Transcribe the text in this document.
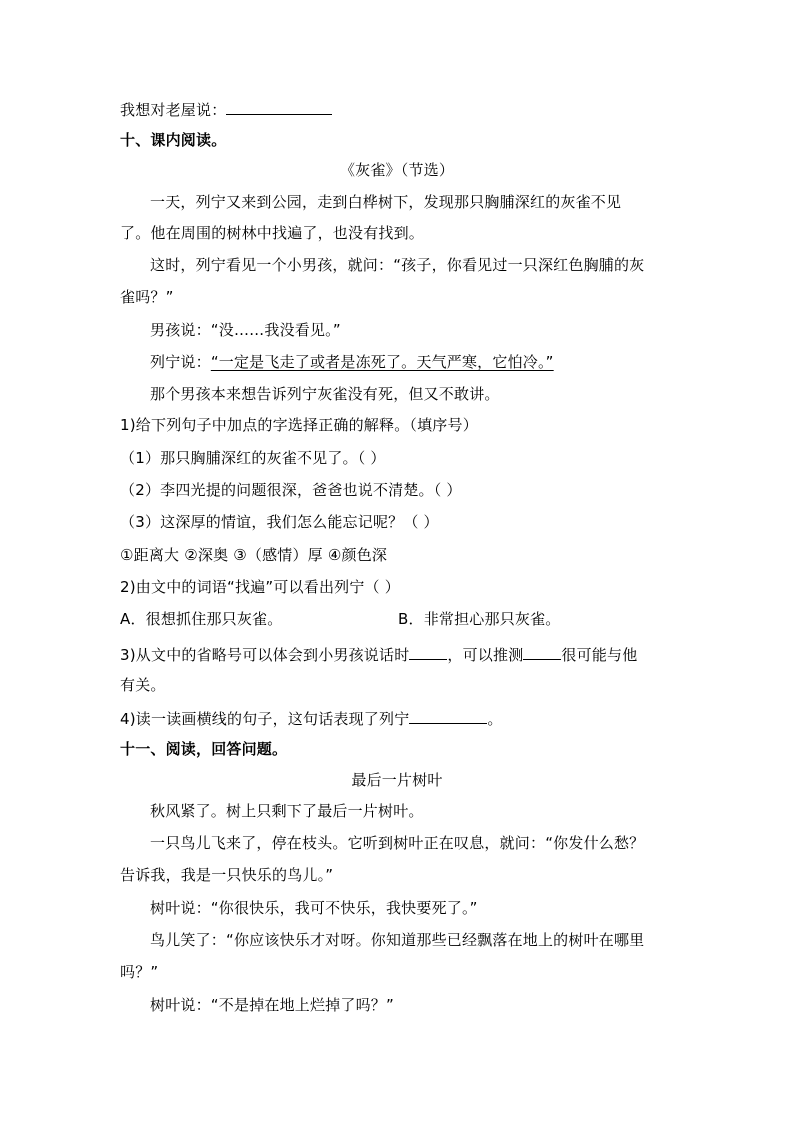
我想对老屋说：
十、课内阅读。
《灰雀》（节选）
一天，列宁又来到公园，走到白桦树下，发现那只胸脯深红的灰雀不见
了。他在周围的树林中找遍了，也没有找到。
这时，列宁看见一个小男孩，就问：“孩子，你看见过一只深红色胸脯的灰
雀吗？”
男孩说：“没……我没看见。”
列宁说：“一定是飞走了或者是冻死了。天气严寒，它怕冷。”
那个男孩本来想告诉列宁灰雀没有死，但又不敢讲。
1)给下列句子中加点的字选择正确的解释。（填序号）
（1）那只胸脯深红的灰雀不见了。（ ）
（2）李四光提的问题很深，爸爸也说不清楚。（ ）
（3）这深厚的情谊，我们怎么能忘记呢？（ ）
①距离大 ②深奥 ③（感情）厚 ④颜色深
2)由文中的词语“找遍”可以看出列宁（ ）
A．很想抓住那只灰雀。	B．非常担心那只灰雀。
3)从文中的省略号可以体会到小男孩说话时	，可以推测	很可能与他
有关。
4)读一读画横线的句子，这句话表现了列宁	。
十一、阅读，回答问题。
最后一片树叶
秋风紧了。树上只剩下了最后一片树叶。
一只鸟儿飞来了，停在枝头。它听到树叶正在叹息，就问：“你发什么愁？
告诉我，我是一只快乐的鸟儿。”
树叶说：“你很快乐，我可不快乐，我快要死了。”
鸟儿笑了：“你应该快乐才对呀。你知道那些已经飘落在地上的树叶在哪里
吗？”
树叶说：“不是掉在地上烂掉了吗？”
